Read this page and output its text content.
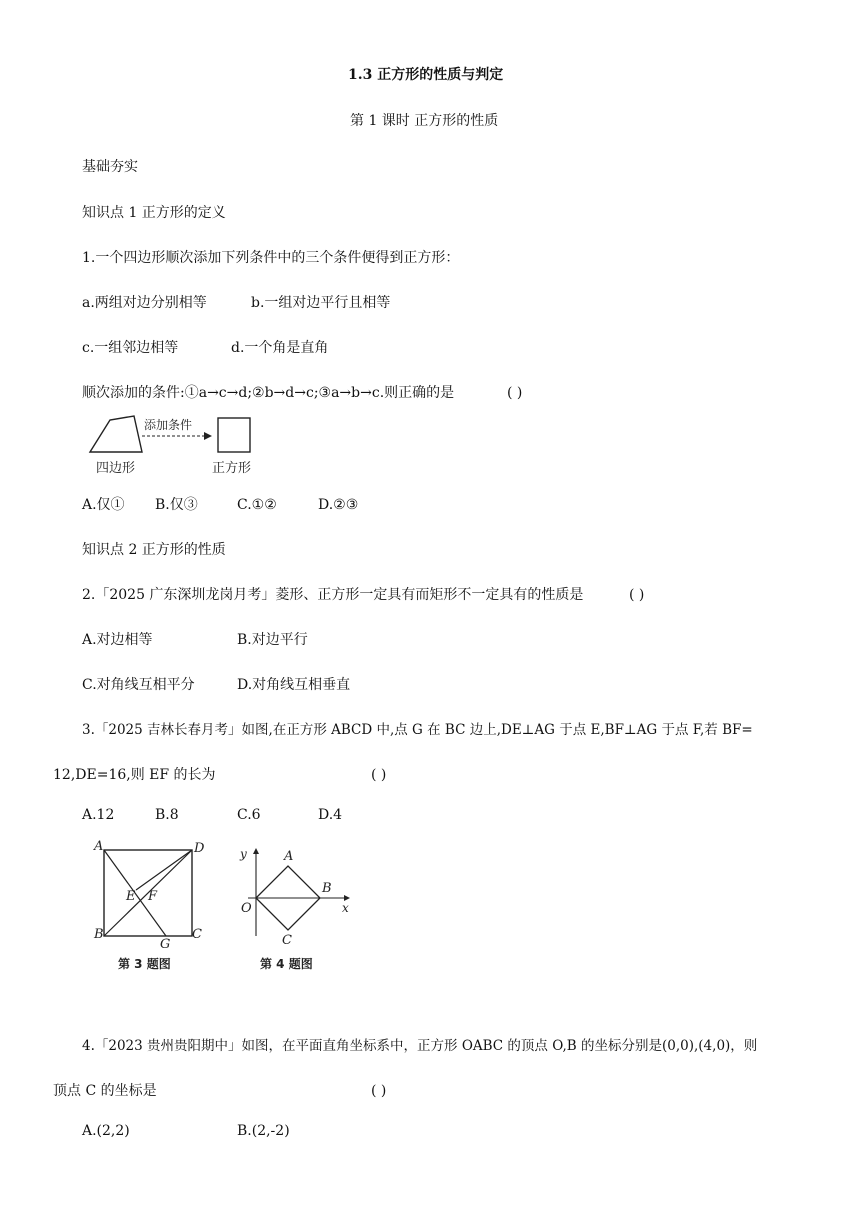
1.3 正方形的性质与判定
第 1 课时 正方形的性质
基础夯实
知识点 1 正方形的定义
1.一个四边形顺次添加下列条件中的三个条件便得到正方形：
a.两组对边分别相等	b.一组对边平行且相等
c.一组邻边相等	d.一个角是直角
顺次添加的条件:①a→c→d;②b→d→c;③a→b→c.则正确的是	( )
添加条件
四边形	正方形
A.仅① B.仅③	C.①②	D.②③
知识点 2 正方形的性质
2.「2025 广东深圳龙岗月考」菱形、正方形一定具有而矩形不一定具有的性质是	( )
A.对边相等	B.对边平行
C.对角线互相平分	D.对角线互相垂直
3.「2025 吉林长春月考」如图,在正方形 ABCD 中,点 G 在 BC 边上,DE⊥AG 于点 E,BF⊥AG 于点 F,若 BF=
12,DE=16,则 EF 的长为	( )
A.12	B.8	C.6	D.4
A	D
E F
B
G
C
第 3 题图
y	A
B
O	x
C
第 4 题图
4.「2023 贵州贵阳期中」如图，在平面直角坐标系中，正方形 OABC 的顶点 O,B 的坐标分别是(0,0),(4,0)，则
顶点 C 的坐标是	( )
A.(2,2)	B.(2,-2)
